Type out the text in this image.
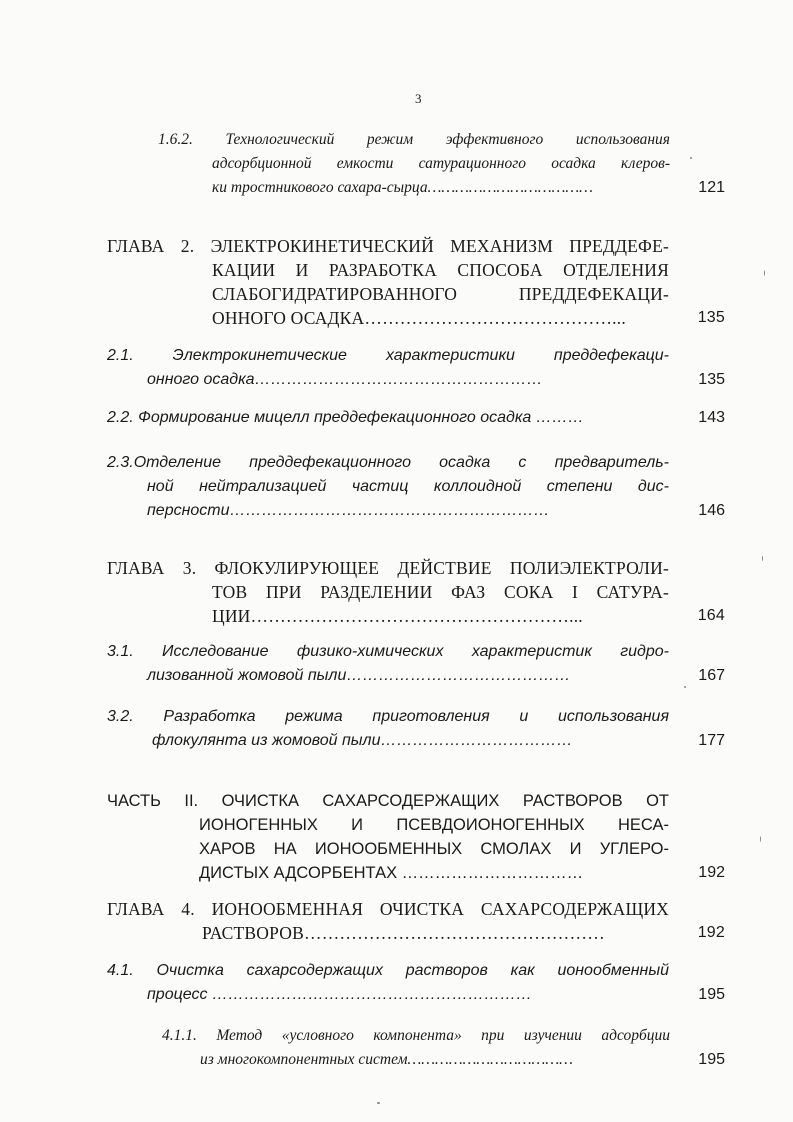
3
1.6.2. Технологический режим эффективного использования
адсорбционной емкости сатурационного осадка клеров-
ки тростникового сахара-сырца………………………………	121
ГЛАВА 2. ЭЛЕКТРОКИНЕТИЧЕСКИЙ МЕХАНИЗМ ПРЕДДЕФЕ-
КАЦИИ И РАЗРАБОТКА СПОСОБА ОТДЕЛЕНИЯ
СЛАБОГИДРАТИРОВАННОГО ПРЕДДЕФЕКАЦИ-
ОННОГО ОСАДКА……………………………………...	135
2.1. Электрокинетические характеристики преддефекаци-
онного осадка………………………………………………	135
2.2. Формирование мицелл преддефекационного осадка ………	143
2.3.Отделение преддефекационного осадка с предваритель-
ной нейтрализацией частиц коллоидной степени дис-
персности……………………………………………………	146
ГЛАВА 3. ФЛОКУЛИРУЮЩЕЕ ДЕЙСТВИЕ ПОЛИЭЛЕКТРОЛИ-
ТОВ ПРИ РАЗДЕЛЕНИИ ФАЗ СОКА I САТУРА-
ЦИИ………………………………………………...	164
3.1. Исследование физико-химических характеристик гидро-
лизованной жомовой пыли……………………………………	167
3.2. Разработка режима приготовления и использования
флокулянта из жомовой пыли………………………………	177
ЧАСТЬ II. ОЧИСТКА САХАРСОДЕРЖАЩИХ РАСТВОРОВ ОТ
ИОНОГЕННЫХ И ПСЕВДОИОНОГЕННЫХ НЕСА-
ХАРОВ НА ИОНООБМЕННЫХ СМОЛАХ И УГЛЕРО-
ДИСТЫХ АДСОРБЕНТАХ ……………………………	192
ГЛАВА 4. ИОНООБМЕННАЯ ОЧИСТКА САХАРСОДЕРЖАЩИХ
РАСТВОРОВ……………………………………………	192
4.1. Очистка сахарсодержащих растворов как ионообменный
процесс ……………………………………………………	195
4.1.1. Метод «условного компонента» при изучении адсорбции
из многокомпонентных систем………………………………	195
